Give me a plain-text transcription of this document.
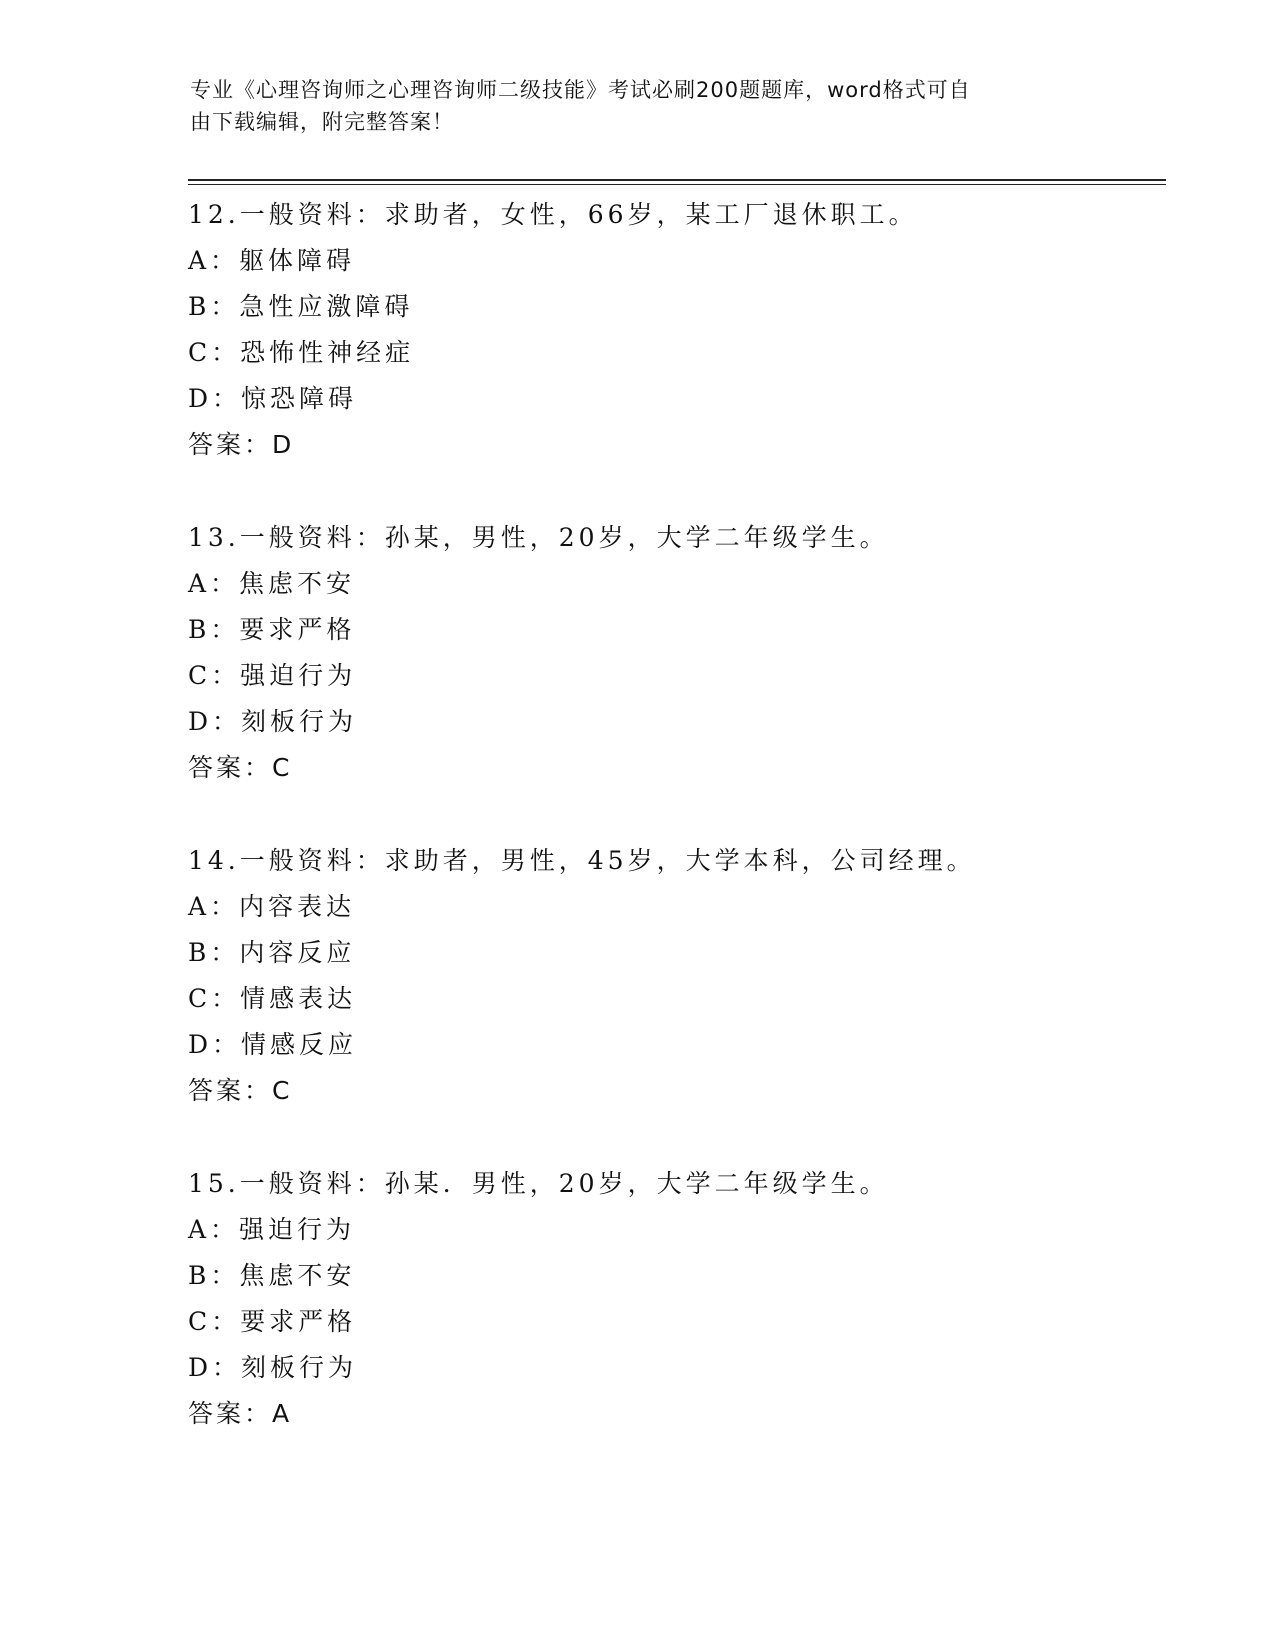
专业《心理咨询师之心理咨询师二级技能》考试必刷200题题库，word格式可自
由下载编辑，附完整答案！
12.一般资料：求助者，女性，66岁，某工厂退休职工。
A：躯体障碍
B：急性应激障碍
C：恐怖性神经症
D：惊恐障碍
答案：D
13.一般资料：孙某，男性，20岁，大学二年级学生。
A：焦虑不安
B：要求严格
C：强迫行为
D：刻板行为
答案：C
14.一般资料：求助者，男性，45岁，大学本科，公司经理。
A：内容表达
B：内容反应
C：情感表达
D：情感反应
答案：C
15.一般资料：孙某．男性，20岁，大学二年级学生。
A：强迫行为
B：焦虑不安
C：要求严格
D：刻板行为
答案：A
